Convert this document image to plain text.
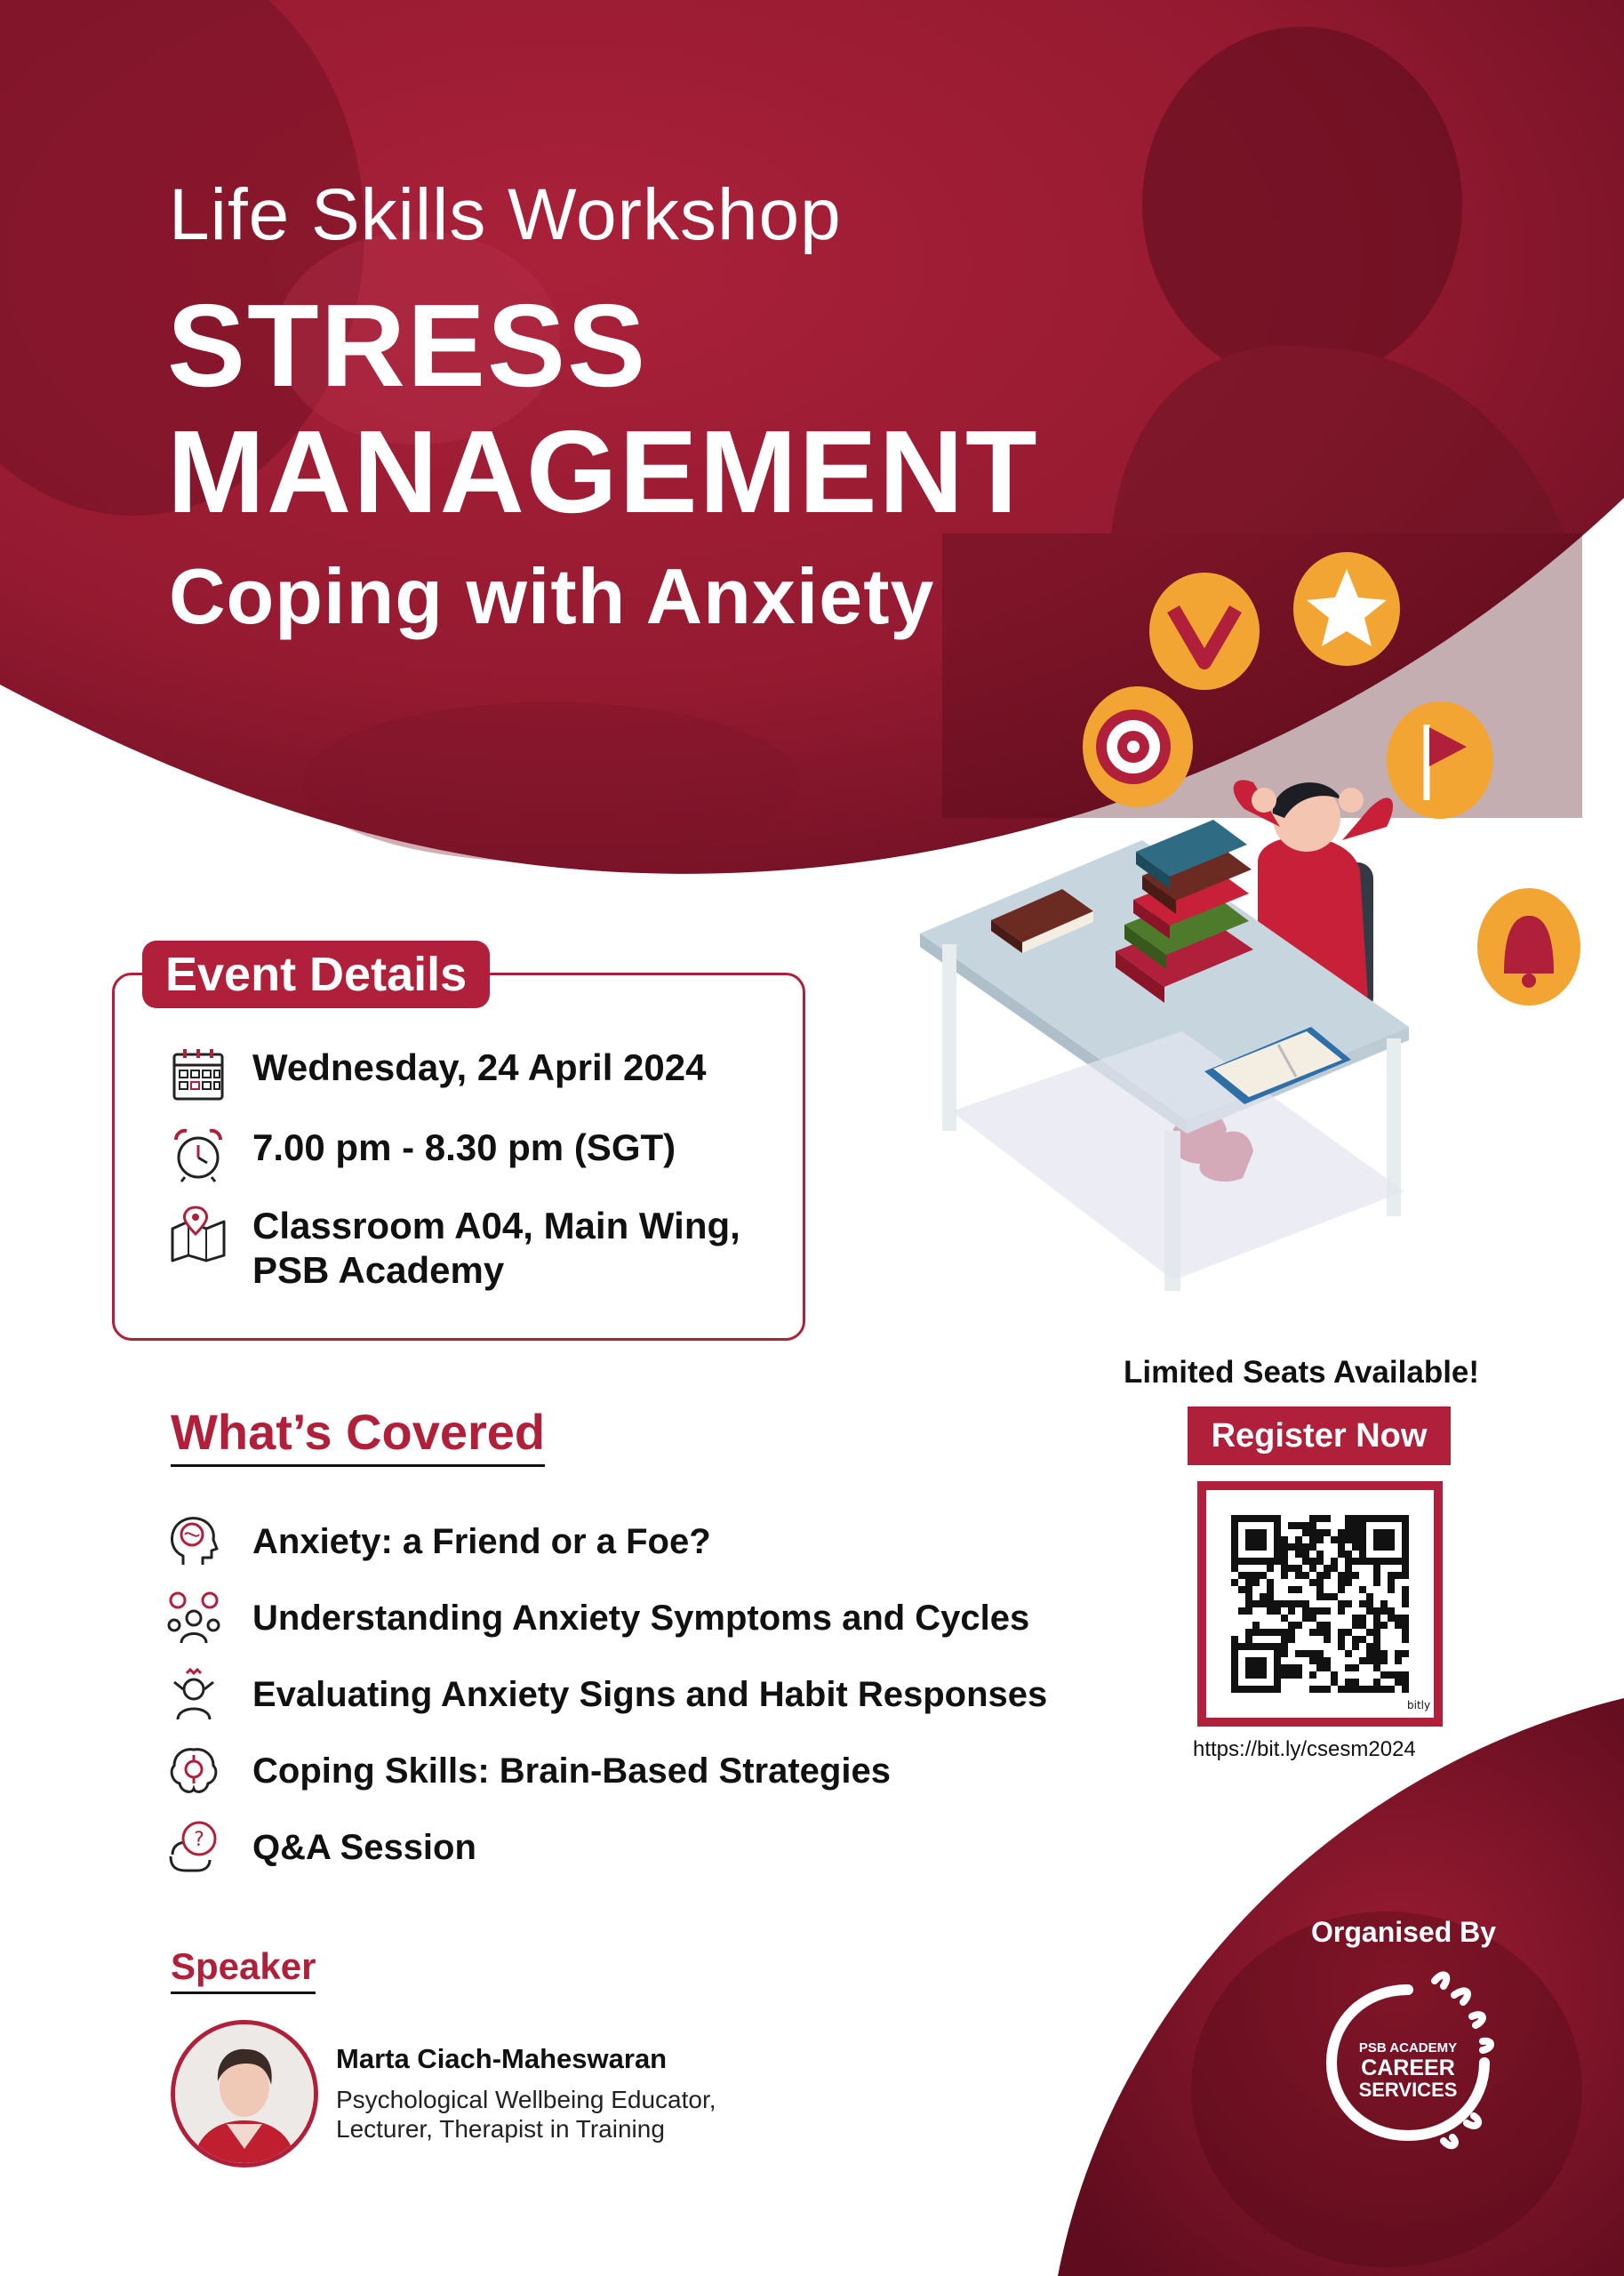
Life Skills Workshop
STRESS
MANAGEMENT
Coping with Anxiety
Event Details
Wednesday, 24 April 2024
7.00 pm - 8.30 pm (SGT)
Classroom A04, Main Wing,
PSB Academy
What’s Covered
Anxiety: a Friend or a Foe?
Understanding Anxiety Symptoms and Cycles
Evaluating Anxiety Signs and Habit Responses
Coping Skills: Brain-Based Strategies
? Q&A Session
Speaker
Marta Ciach-Maheswaran
Psychological Wellbeing Educator,
Lecturer, Therapist in Training
Limited Seats Available!
Register Now
bitly
https://bit.ly/csesm2024
Organised By
PSB ACADEMY
CAREER
SERVICES
